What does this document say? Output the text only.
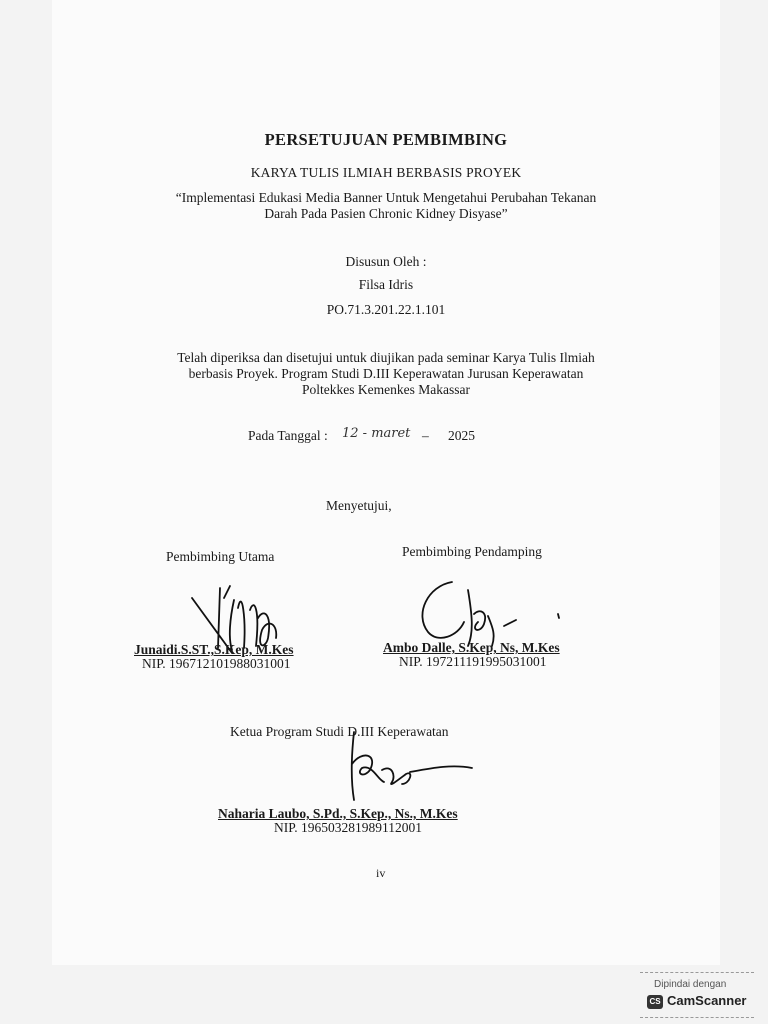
PERSETUJUAN PEMBIMBING
KARYA TULIS ILMIAH BERBASIS PROYEK
“Implementasi Edukasi Media Banner Untuk Mengetahui Perubahan Tekanan
Darah Pada Pasien Chronic Kidney Disyase”
Disusun Oleh :
Filsa Idris
PO.71.3.201.22.1.101
Telah diperiksa dan disetujui untuk diujikan pada seminar Karya Tulis Ilmiah
berbasis Proyek. Program Studi D.III Keperawatan Jurusan Keperawatan
Poltekkes Kemenkes Makassar
Pada Tanggal : 12 - maret – 2025
Menyetujui,
Pembimbing Utama
Junaidi.S.ST.,S.Kep, M.Kes
NIP. 196712101988031001
Pembimbing Pendamping
Ambo Dalle, S.Kep, Ns, M.Kes
NIP. 197211191995031001
Ketua Program Studi D.III Keperawatan
Naharia Laubo, S.Pd., S.Kep., Ns., M.Kes
NIP. 196503281989112001
iv
Dipindai dengan
CS CamScanner
